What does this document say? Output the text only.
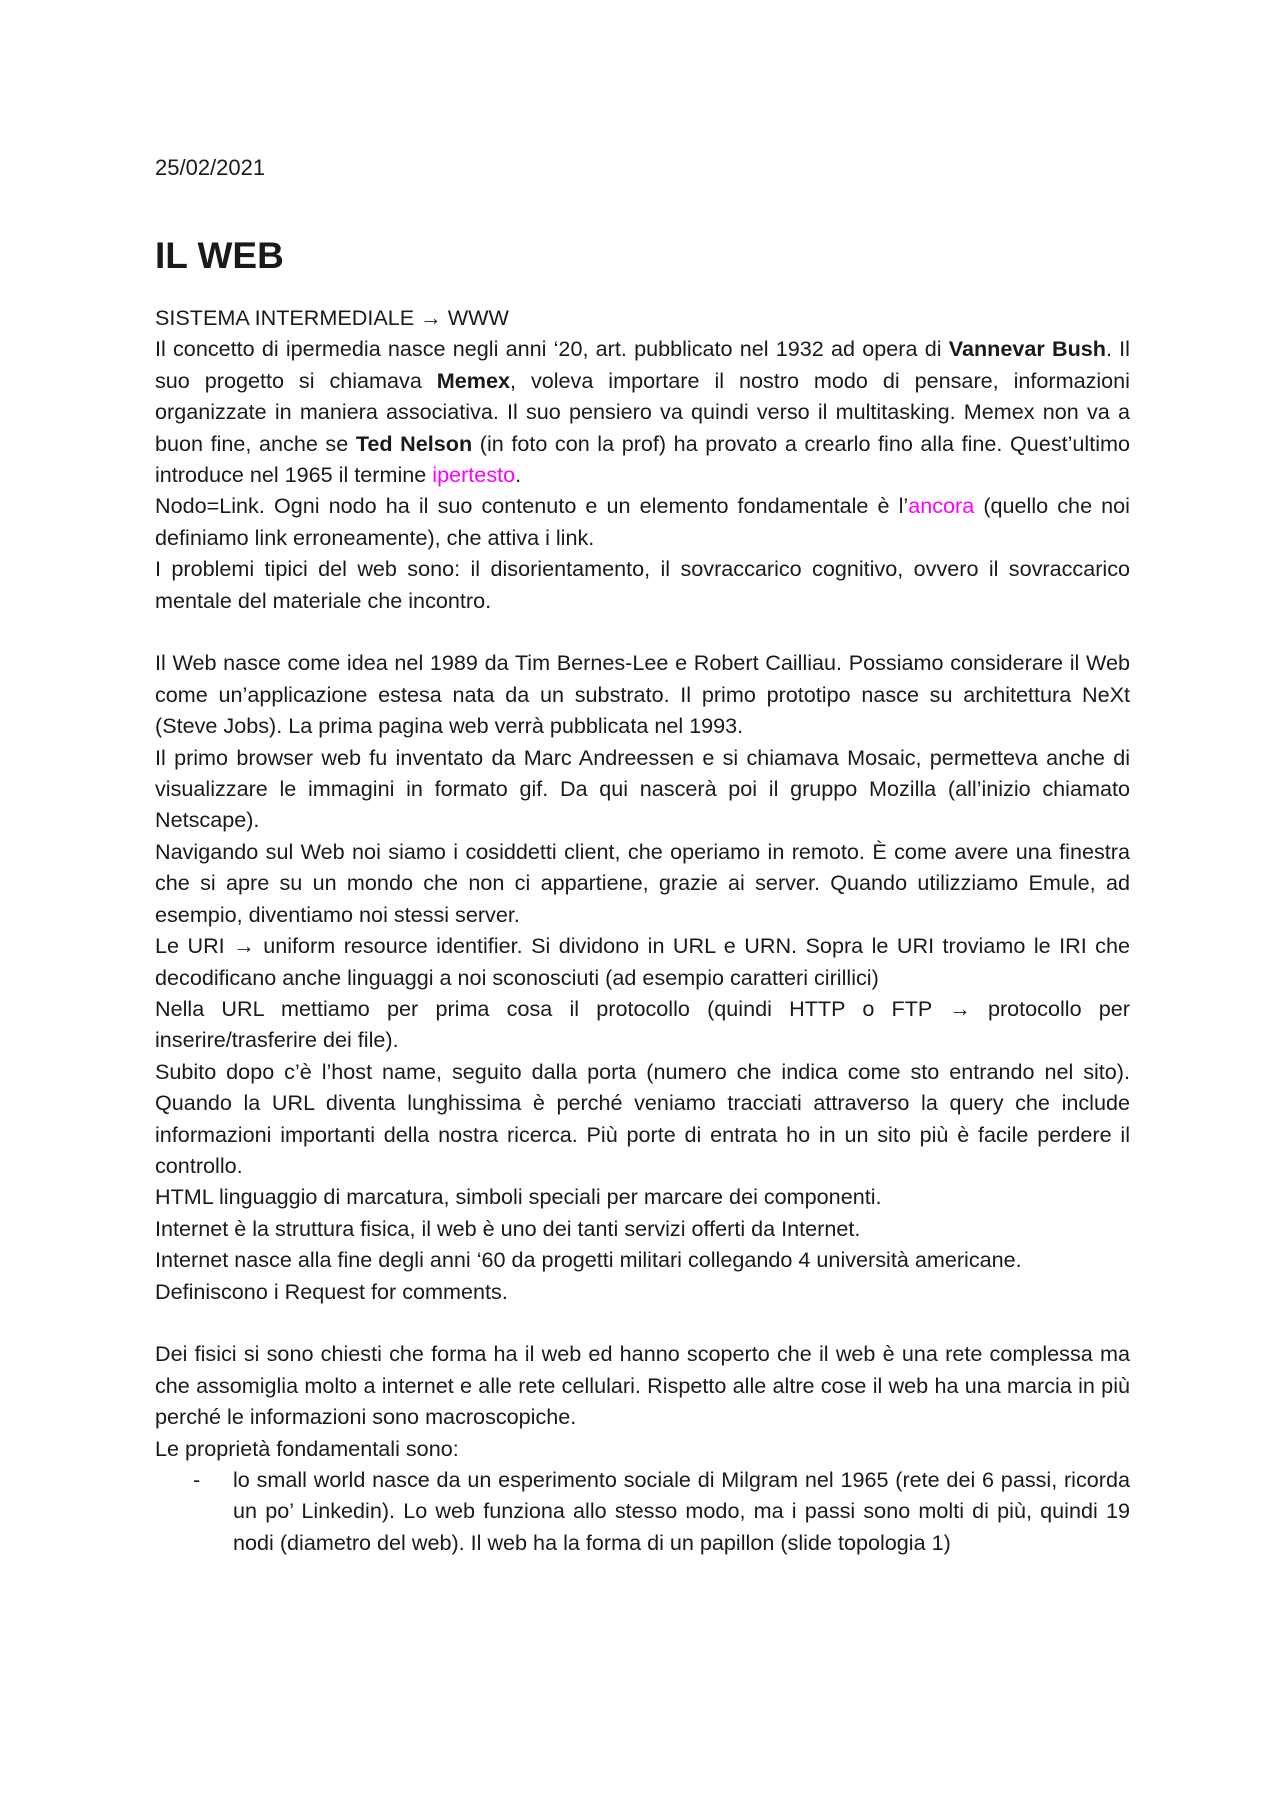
25/02/2021

IL WEB

SISTEMA INTERMEDIALE → WWW

Il concetto di ipermedia nasce negli anni ‘20, art. pubblicato nel 1932 ad opera di Vannevar Bush. Il suo progetto si chiamava Memex, voleva importare il nostro modo di pensare, informazioni organizzate in maniera associativa. Il suo pensiero va quindi verso il multitasking. Memex non va a buon fine, anche se Ted Nelson (in foto con la prof) ha provato a crearlo fino alla fine. Quest’ultimo introduce nel 1965 il termine ipertesto.

Nodo=Link. Ogni nodo ha il suo contenuto e un elemento fondamentale è l’ancora (quello che noi definiamo link erroneamente), che attiva i link.

I problemi tipici del web sono: il disorientamento, il sovraccarico cognitivo, ovvero il sovraccarico mentale del materiale che incontro.

Il Web nasce come idea nel 1989 da Tim Bernes-Lee e Robert Cailliau. Possiamo considerare il Web come un’applicazione estesa nata da un substrato. Il primo prototipo nasce su architettura NeXt (Steve Jobs). La prima pagina web verrà pubblicata nel 1993.

Il primo browser web fu inventato da Marc Andreessen e si chiamava Mosaic, permetteva anche di visualizzare le immagini in formato gif. Da qui nascerà poi il gruppo Mozilla (all’inizio chiamato Netscape).

Navigando sul Web noi siamo i cosiddetti client, che operiamo in remoto. È come avere una finestra che si apre su un mondo che non ci appartiene, grazie ai server. Quando utilizziamo Emule, ad esempio, diventiamo noi stessi server.

Le URI → uniform resource identifier. Si dividono in URL e URN. Sopra le URI troviamo le IRI che decodificano anche linguaggi a noi sconosciuti (ad esempio caratteri cirillici)

Nella URL mettiamo per prima cosa il protocollo (quindi HTTP o FTP → protocollo per inserire/trasferire dei file).

Subito dopo c’è l’host name, seguito dalla porta (numero che indica come sto entrando nel sito). Quando la URL diventa lunghissima è perché veniamo tracciati attraverso la query che include informazioni importanti della nostra ricerca. Più porte di entrata ho in un sito più è facile perdere il controllo.

HTML linguaggio di marcatura, simboli speciali per marcare dei componenti.

Internet è la struttura fisica, il web è uno dei tanti servizi offerti da Internet.

Internet nasce alla fine degli anni ‘60 da progetti militari collegando 4 università americane.

Definiscono i Request for comments.

Dei fisici si sono chiesti che forma ha il web ed hanno scoperto che il web è una rete complessa ma che assomiglia molto a internet e alle rete cellulari. Rispetto alle altre cose il web ha una marcia in più perché le informazioni sono macroscopiche.

Le proprietà fondamentali sono:

- lo small world nasce da un esperimento sociale di Milgram nel 1965 (rete dei 6 passi, ricorda un po’ Linkedin). Lo web funziona allo stesso modo, ma i passi sono molti di più, quindi 19 nodi (diametro del web). Il web ha la forma di un papillon (slide topologia 1)
